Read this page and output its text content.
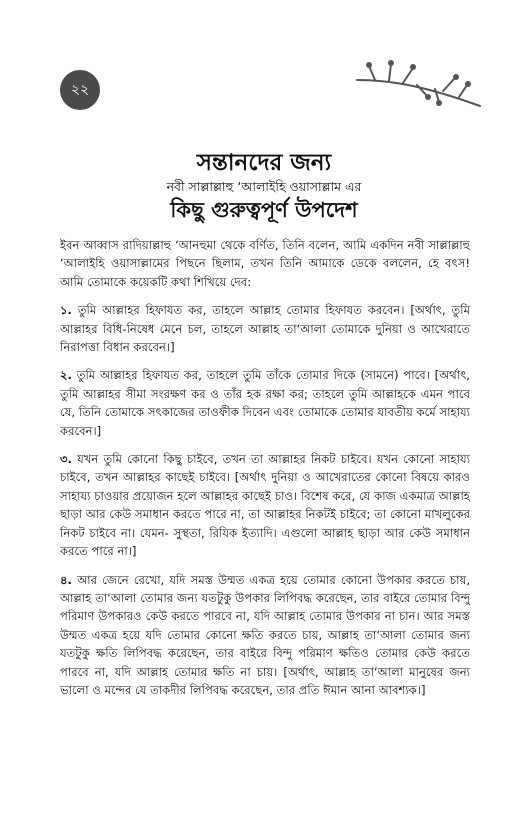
২২
সন্তানদের জন্য
নবী সাল্লাল্লাহু ‘আলাইহি ওয়াসাল্লাম এর
কিছু গুরুত্বপূর্ণ উপদেশ

ইবন আব্বাস রাদিয়াল্লাহু ‘আনহুমা থেকে বর্ণিত, তিনি বলেন, আমি একদিন নবী সাল্লাল্লাহু ‘আলাইহি ওয়াসাল্লামের পিছনে ছিলাম, তখন তিনি আমাকে ডেকে বললেন, হে বৎস! আমি তোমাকে কয়েকটি কথা শিখিয়ে দেব:

১. তুমি আল্লাহর হিফাযত কর, তাহলে আল্লাহ তোমার হিফাযত করবেন। [অর্থাৎ, তুমি আল্লাহর বিধি-নিষেধ মেনে চল, তাহলে আল্লাহ তা‘আলা তোমাকে দুনিয়া ও আখেরাতে নিরাপত্তা বিধান করবেন।]

২. তুমি আল্লাহর হিফাযত কর, তাহলে তুমি তাঁকে তোমার দিকে (সামনে) পাবে। [অর্থাৎ, তুমি আল্লাহর সীমা সংরক্ষণ কর ও তাঁর হক রক্ষা কর; তাহলে তুমি আল্লাহকে এমন পাবে যে, তিনি তোমাকে সৎকাজের তাওফীক দিবেন এবং তোমাকে তোমার যাবতীয় কর্মে সাহায্য করবেন।]

৩. যখন তুমি কোনো কিছু চাইবে, তখন তা আল্লাহর নিকট চাইবে। যখন কোনো সাহায্য চাইবে, তখন আল্লাহর কাছেই চাইবে। [অর্থাৎ দুনিয়া ও আখেরাতের কোনো বিষয়ে কারও সাহায্য চাওয়ার প্রয়োজন হলে আল্লাহর কাছেই চাও। বিশেষ করে, যে কাজ একমাত্র আল্লাহ ছাড়া আর কেউ সমাধান করতে পারে না, তা আল্লাহর নিকটই চাইবে; তা কোনো মাখলুকের নিকট চাইবে না। যেমন- সুস্থতা, রিযিক ইত্যাদি। এগুলো আল্লাহ ছাড়া আর কেউ সমাধান করতে পারে না।]

৪. আর জেনে রেখো, যদি সমস্ত উম্মত একত্র হয়ে তোমার কোনো উপকার করতে চায়, আল্লাহ তা‘আলা তোমার জন্য যতটুকু উপকার লিপিবদ্ধ করেছেন, তার বাইরে তোমার বিন্দু পরিমাণ উপকারও কেউ করতে পারবে না, যদি আল্লাহ তোমার উপকার না চান। আর সমস্ত উম্মত একত্র হয়ে যদি তোমার কোনো ক্ষতি করতে চায়, আল্লাহ তা‘আলা তোমার জন্য যতটুকু ক্ষতি লিপিবদ্ধ করেছেন, তার বাইরে বিন্দু পরিমাণ ক্ষতিও তোমার কেউ করতে পারবে না, যদি আল্লাহ তোমার ক্ষতি না চায়। [অর্থাৎ, আল্লাহ তা‘আলা মানুষের জন্য ভালো ও মন্দের যে তাকদীর লিপিবদ্ধ করেছেন, তার প্রতি ঈমান আনা আবশ্যক।]
